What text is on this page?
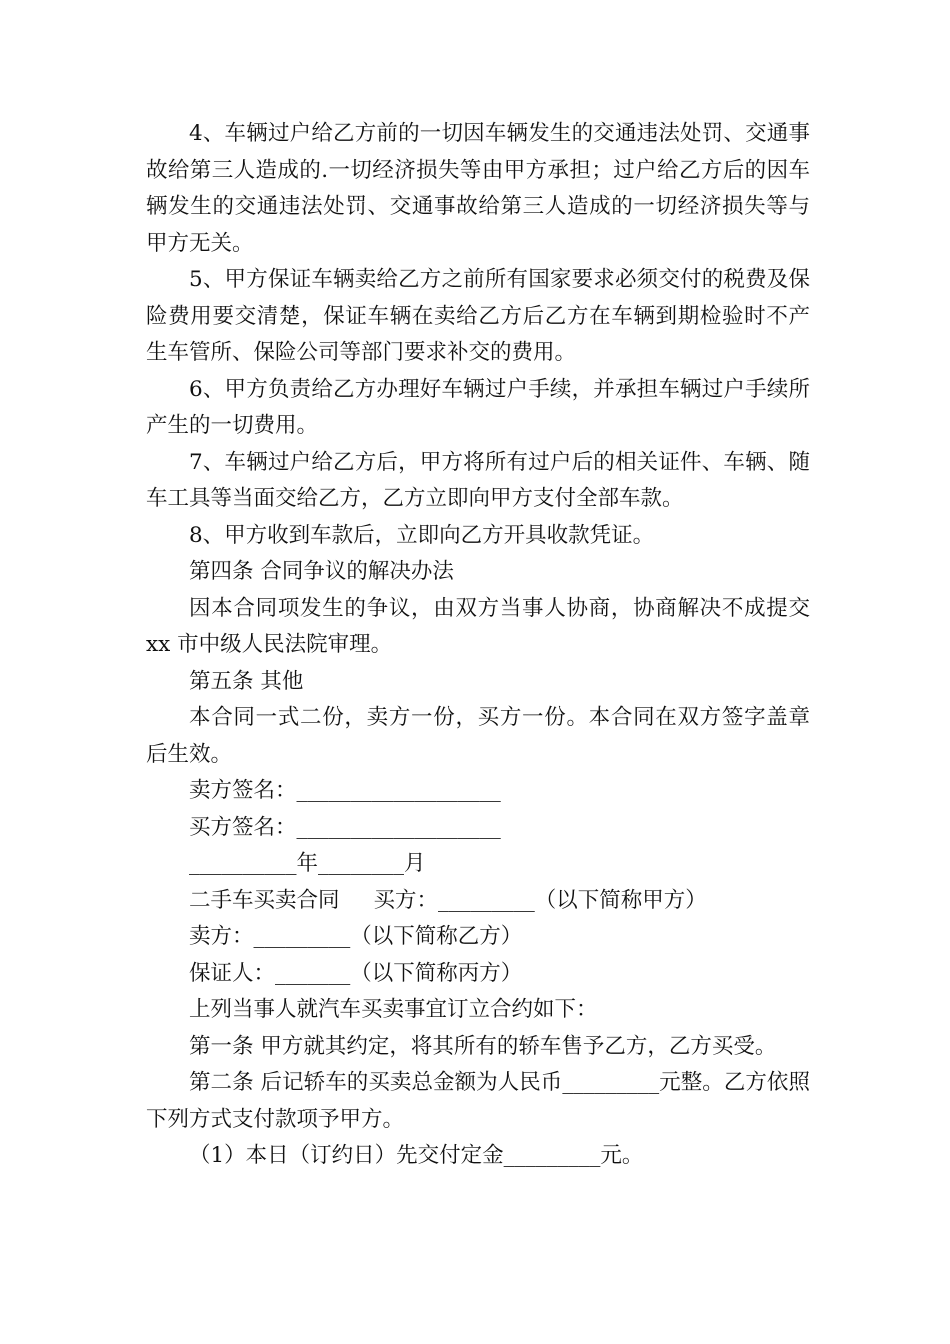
4、车辆过户给乙方前的一切因车辆发生的交通违法处罚、交通事故给第三人造成的.一切经济损失等由甲方承担；过户给乙方后的因车辆发生的交通违法处罚、交通事故给第三人造成的一切经济损失等与甲方无关。

5、甲方保证车辆卖给乙方之前所有国家要求必须交付的税费及保险费用要交清楚，保证车辆在卖给乙方后乙方在车辆到期检验时不产生车管所、保险公司等部门要求补交的费用。

6、甲方负责给乙方办理好车辆过户手续，并承担车辆过户手续所产生的一切费用。

7、车辆过户给乙方后，甲方将所有过户后的相关证件、车辆、随车工具等当面交给乙方，乙方立即向甲方支付全部车款。

8、甲方收到车款后，立即向乙方开具收款凭证。

第四条 合同争议的解决办法

因本合同项发生的争议，由双方当事人协商，协商解决不成提交 xx 市中级人民法院审理。

第五条 其他

本合同一式二份，卖方一份，买方一份。本合同在双方签字盖章后生效。

卖方签名：___________________

买方签名：___________________

__________年________月

二手车买卖合同 买方：_________（以下简称甲方）

卖方：_________（以下简称乙方）

保证人：_______（以下简称丙方）

上列当事人就汽车买卖事宜订立合约如下：

第一条 甲方就其约定，将其所有的轿车售予乙方，乙方买受。

第二条 后记轿车的买卖总金额为人民币_________元整。乙方依照下列方式支付款项予甲方。

（1）本日（订约日）先交付定金_________元。
